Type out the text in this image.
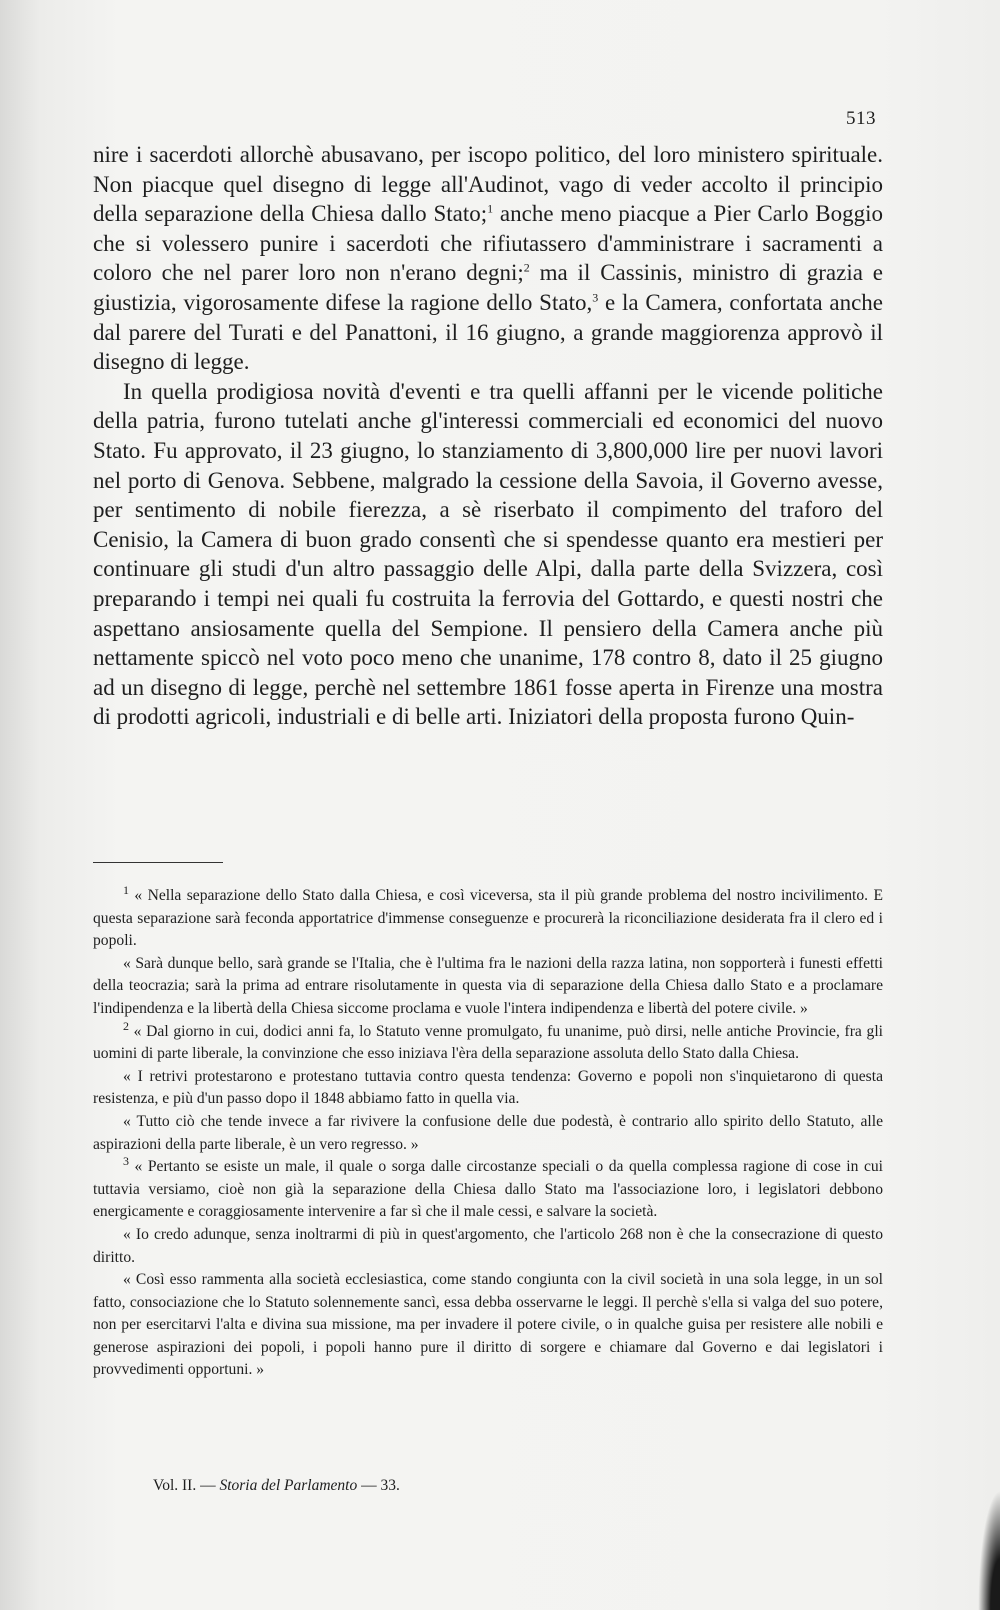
513

nire i sacerdoti allorchè abusavano, per iscopo politico, del loro ministero spirituale. Non piacque quel disegno di legge all'Audinot, vago di veder accolto il principio della separazione della Chiesa dallo Stato;$^1$ anche meno piacque a Pier Carlo Boggio che si volessero punire i sacerdoti che rifiutassero d'amministrare i sacramenti a coloro che nel parer loro non n'erano degni;$^2$ ma il Cassinis, ministro di grazia e giustizia, vigorosamente difese la ragione dello Stato,$^3$ e la Camera, confortata anche dal parere del Turati e del Panattoni, il 16 giugno, a grande maggiorenza approvò il disegno di legge.

In quella prodigiosa novità d'eventi e tra quelli affanni per le vicende politiche della patria, furono tutelati anche gl'interessi commerciali ed economici del nuovo Stato. Fu approvato, il 23 giugno, lo stanziamento di 3,800,000 lire per nuovi lavori nel porto di Genova. Sebbene, malgrado la cessione della Savoia, il Governo avesse, per sentimento di nobile fierezza, a sè riserbato il compimento del traforo del Cenisio, la Camera di buon grado consentì che si spendesse quanto era mestieri per continuare gli studi d'un altro passaggio delle Alpi, dalla parte della Svizzera, così preparando i tempi nei quali fu costruita la ferrovia del Gottardo, e questi nostri che aspettano ansiosamente quella del Sempione. Il pensiero della Camera anche più nettamente spiccò nel voto poco meno che unanime, 178 contro 8, dato il 25 giugno ad un disegno di legge, perchè nel settembre 1861 fosse aperta in Firenze una mostra di prodotti agricoli, industriali e di belle arti. Iniziatori della proposta furono Quin-

$^1$ « Nella separazione dello Stato dalla Chiesa, e così viceversa, sta il più grande problema del nostro incivilimento. E questa separazione sarà feconda apportatrice d'immense conseguenze e procurerà la riconciliazione desiderata fra il clero ed i popoli.

« Sarà dunque bello, sarà grande se l'Italia, che è l'ultima fra le nazioni della razza latina, non sopporterà i funesti effetti della teocrazia; sarà la prima ad entrare risolutamente in questa via di separazione della Chiesa dallo Stato e a proclamare l'indipendenza e la libertà della Chiesa siccome proclama e vuole l'intera indipendenza e libertà del potere civile. »

$^2$ « Dal giorno in cui, dodici anni fa, lo Statuto venne promulgato, fu unanime, può dirsi, nelle antiche Provincie, fra gli uomini di parte liberale, la convinzione che esso iniziava l'èra della separazione assoluta dello Stato dalla Chiesa.

« I retrivi protestarono e protestano tuttavia contro questa tendenza: Governo e popoli non s'inquietarono di questa resistenza, e più d'un passo dopo il 1848 abbiamo fatto in quella via.

« Tutto ciò che tende invece a far rivivere la confusione delle due podestà, è contrario allo spirito dello Statuto, alle aspirazioni della parte liberale, è un vero regresso. »

$^3$ « Pertanto se esiste un male, il quale o sorga dalle circostanze speciali o da quella complessa ragione di cose in cui tuttavia versiamo, cioè non già la separazione della Chiesa dallo Stato ma l'associazione loro, i legislatori debbono energicamente e coraggiosamente intervenire a far sì che il male cessi, e salvare la società.

« Io credo adunque, senza inoltrarmi di più in quest'argomento, che l'articolo 268 non è che la consecrazione di questo diritto.

« Così esso rammenta alla società ecclesiastica, come stando congiunta con la civil società in una sola legge, in un sol fatto, consociazione che lo Statuto solennemente sancì, essa debba osservarne le leggi. Il perchè s'ella si valga del suo potere, non per esercitarvi l'alta e divina sua missione, ma per invadere il potere civile, o in qualche guisa per resistere alle nobili e generose aspirazioni dei popoli, i popoli hanno pure il diritto di sorgere e chiamare dal Governo e dai legislatori i provvedimenti opportuni. »

Vol. II. — Storia del Parlamento — 33.
